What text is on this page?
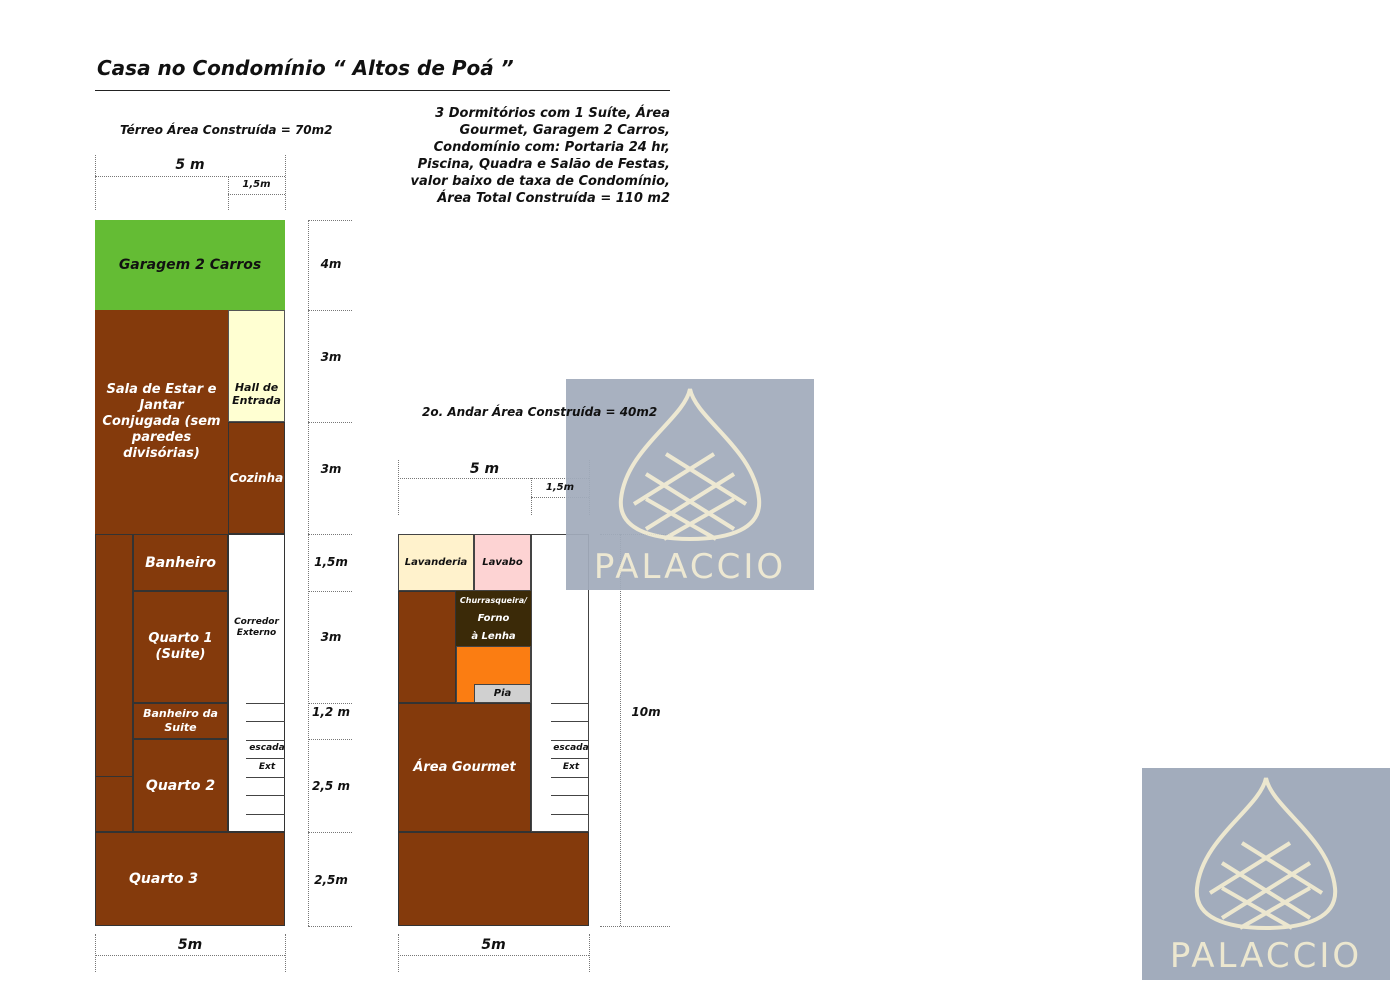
Casa no Condomínio “ Altos de Poá ”
3 Dormitórios com 1 Suíte, Área Gourmet, Garagem 2 Carros, Condomínio com: Portaria 24 hr, Piscina, Quadra e Salão de Festas, valor baixo de taxa de Condomínio, Área Total Construída = 110 m2
Térreo Área Construída = 70m2
5 m
1,5m
Garagem 2 Carros
Sala de Estar e Jantar Conjugada (sem paredes divisórias)
Hall de Entrada
Cozinha
Banheiro
Quarto 1 (Suite)
Banheiro da Suite
Quarto 2
Corredor Externo
escada
Ext
Quarto 3
4m
3m
3m
1,5m
3m
1,2 m
2,5 m
2,5m
5m
2o. Andar Área Construída = 40m2
5 m
1,5m
Lavanderia Lavabo
Churrasqueira/
Forno
à Lenha
Pia
Área Gourmet
escada
Ext
10m
5m
PALACCIO
PALACCIO
